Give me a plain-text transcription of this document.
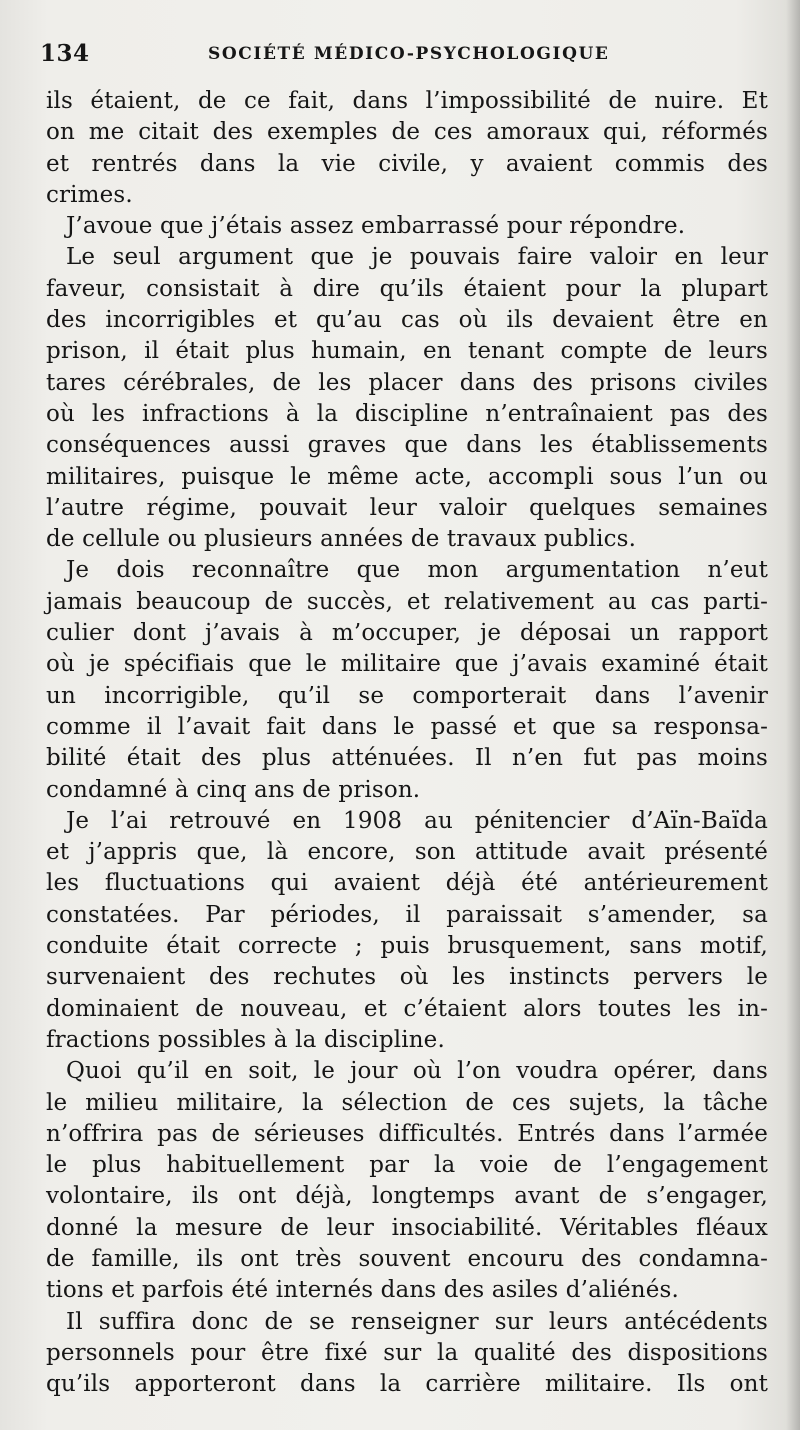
134	SOCIÉTÉ MÉDICO-PSYCHOLOGIQUE
ils étaient, de ce fait, dans l’impossibilité de nuire. Et
on me citait des exemples de ces amoraux qui, réformés
et rentrés dans la vie civile, y avaient commis des
crimes.
J’avoue que j’étais assez embarrassé pour répondre.
Le seul argument que je pouvais faire valoir en leur
faveur, consistait à dire qu’ils étaient pour la plupart
des incorrigibles et qu’au cas où ils devaient être en
prison, il était plus humain, en tenant compte de leurs
tares cérébrales, de les placer dans des prisons civiles
où les infractions à la discipline n’entraînaient pas des
conséquences aussi graves que dans les établissements
militaires, puisque le même acte, accompli sous l’un ou
l’autre régime, pouvait leur valoir quelques semaines
de cellule ou plusieurs années de travaux publics.
Je dois reconnaître que mon argumentation n’eut
jamais beaucoup de succès, et relativement au cas parti-
culier dont j’avais à m’occuper, je déposai un rapport
où je spécifiais que le militaire que j’avais examiné était
un incorrigible, qu’il se comporterait dans l’avenir
comme il l’avait fait dans le passé et que sa responsa-
bilité était des plus atténuées. Il n’en fut pas moins
condamné à cinq ans de prison.
Je l’ai retrouvé en 1908 au pénitencier d’Aïn-Baïda
et j’appris que, là encore, son attitude avait présenté
les fluctuations qui avaient déjà été antérieurement
constatées. Par périodes, il paraissait s’amender, sa
conduite était correcte ; puis brusquement, sans motif,
survenaient des rechutes où les instincts pervers le
dominaient de nouveau, et c’étaient alors toutes les in-
fractions possibles à la discipline.
Quoi qu’il en soit, le jour où l’on voudra opérer, dans
le milieu militaire, la sélection de ces sujets, la tâche
n’offrira pas de sérieuses difficultés. Entrés dans l’armée
le plus habituellement par la voie de l’engagement
volontaire, ils ont déjà, longtemps avant de s’engager,
donné la mesure de leur insociabilité. Véritables fléaux
de famille, ils ont très souvent encouru des condamna-
tions et parfois été internés dans des asiles d’aliénés.
Il suffira donc de se renseigner sur leurs antécédents
personnels pour être fixé sur la qualité des dispositions
qu’ils apporteront dans la carrière militaire. Ils ont
